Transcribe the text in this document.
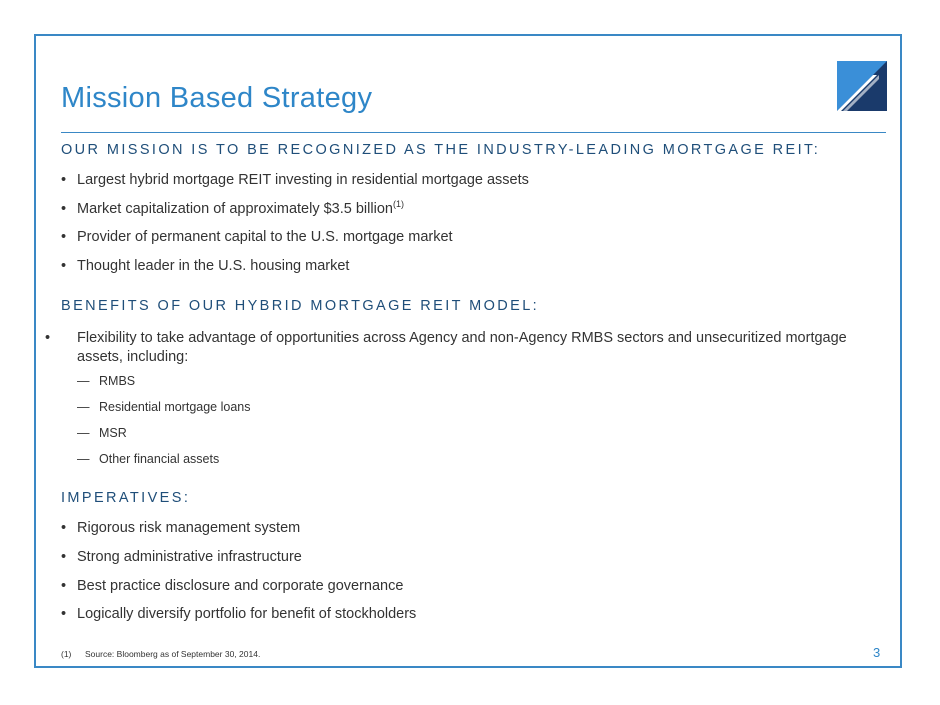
Mission Based Strategy
OUR MISSION IS TO BE RECOGNIZED AS THE INDUSTRY-LEADING MORTGAGE REIT:
• Largest hybrid mortgage REIT investing in residential mortgage assets
• Market capitalization of approximately $3.5 billion$^{(1)}$
• Provider of permanent capital to the U.S. mortgage market
• Thought leader in the U.S. housing market
BENEFITS OF OUR HYBRID MORTGAGE REIT MODEL:
• Flexibility to take advantage of opportunities across Agency and non-Agency RMBS sectors and unsecuritized mortgage assets, including:
— RMBS
— Residential mortgage loans
— MSR
— Other financial assets
IMPERATIVES:
• Rigorous risk management system
• Strong administrative infrastructure
• Best practice disclosure and corporate governance
• Logically diversify portfolio for benefit of stockholders
(1) Source: Bloomberg as of September 30, 2014.	3
